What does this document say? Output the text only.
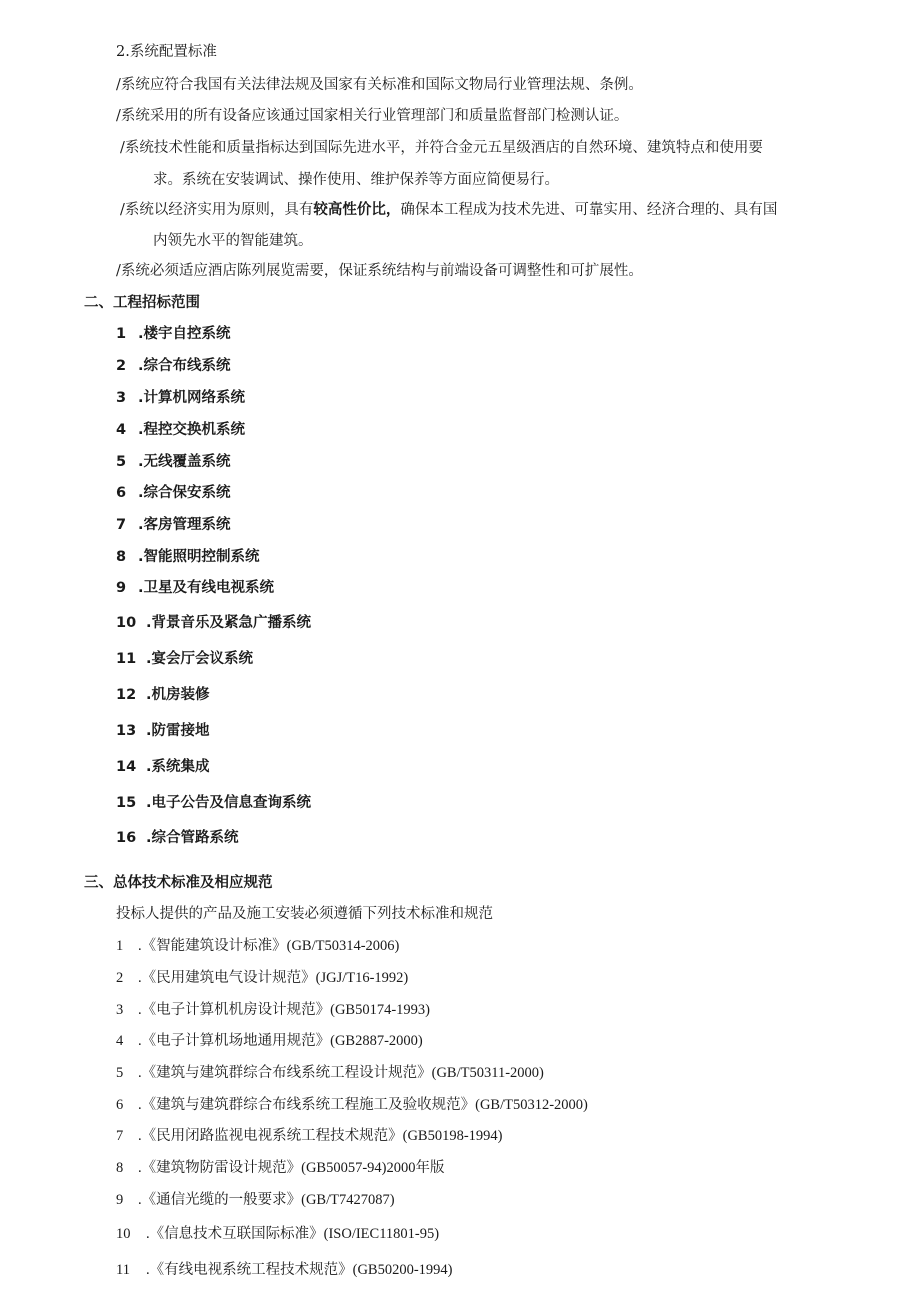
2.系统配置标准
/系统应符合我国有关法律法规及国家有关标准和国际文物局行业管理法规、条例。
/系统采用的所有设备应该通过国家相关行业管理部门和质量监督部门检测认证。
/系统技术性能和质量指标达到国际先进水平，并符合金元五星级酒店的自然环境、建筑特点和使用要
求。系统在安装调试、操作使用、维护保养等方面应简便易行。
/系统以经济实用为原则，具有较高性价比，确保本工程成为技术先进、可靠实用、经济合理的、具有国
内领先水平的智能建筑。
/系统必须适应酒店陈列展览需要，保证系统结构与前端设备可调整性和可扩展性。
二、工程招标范围
1 .楼宇自控系统
2 .综合布线系统
3 .计算机网络系统
4 .程控交换机系统
5 .无线覆盖系统
6 .综合保安系统
7 .客房管理系统
8 .智能照明控制系统
9 .卫星及有线电视系统
10 .背景音乐及紧急广播系统
11 .宴会厅会议系统
12 .机房装修
13 .防雷接地
14 .系统集成
15 .电子公告及信息查询系统
16 .综合管路系统
三、总体技术标准及相应规范
投标人提供的产品及施工安装必须遵循下列技术标准和规范
1 .《智能建筑设计标准》(GB/T50314-2006)
2 .《民用建筑电气设计规范》(JGJ/T16-1992)
3 .《电子计算机机房设计规范》(GB50174-1993)
4 .《电子计算机场地通用规范》(GB2887-2000)
5 .《建筑与建筑群综合布线系统工程设计规范》(GB/T50311-2000)
6 .《建筑与建筑群综合布线系统工程施工及验收规范》(GB/T50312-2000)
7 .《民用闭路监视电视系统工程技术规范》(GB50198-1994)
8 .《建筑物防雷设计规范》(GB50057-94)2000年版
9 .《通信光缆的一般要求》(GB/T7427087)
10 .《信息技术互联国际标准》(ISO/IEC11801-95)
11 .《有线电视系统工程技术规范》(GB50200-1994)
